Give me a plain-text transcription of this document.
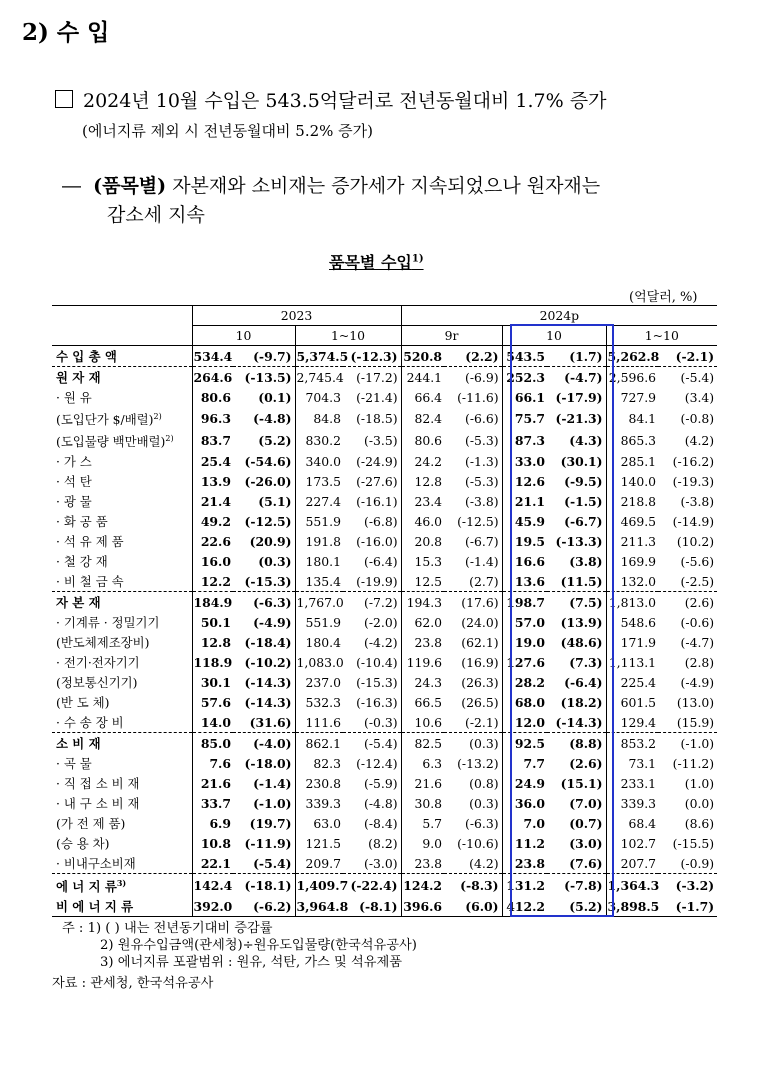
2) 수 입
2024년 10월 수입은 543.5억달러로 전년동월대비 1.7% 증가
(에너지류 제외 시 전년동월대비 5.2% 증가)
― (품목별) 자본재와 소비재는 증가세가 지속되었으나 원자재는
감소세 지속
품목별 수입$^{1)}$
(억달러, %)
	2023				2024p					
	10		1~10		9r		10		1~10	
수 입 총 액	534.4	(-9.7)	5,374.5	(-12.3)	520.8	(2.2)	543.5	(1.7)	5,262.8	(-2.1)
원 자 재	264.6	(-13.5)	2,745.4	(-17.2)	244.1	(-6.9)	252.3	(-4.7)	2,596.6	(-5.4)
· 원 유	80.6	(0.1)	704.3	(-21.4)	66.4	(-11.6)	66.1	(-17.9)	727.9	(3.4)
(도입단가 $/배럴)$^{2)}$	96.3	(-4.8)	84.8	(-18.5)	82.4	(-6.6)	75.7	(-21.3)	84.1	(-0.8)
(도입물량 백만배럴)$^{2)}$	83.7	(5.2)	830.2	(-3.5)	80.6	(-5.3)	87.3	(4.3)	865.3	(4.2)
· 가 스	25.4	(-54.6)	340.0	(-24.9)	24.2	(-1.3)	33.0	(30.1)	285.1	(-16.2)
· 석 탄	13.9	(-26.0)	173.5	(-27.6)	12.8	(-5.3)	12.6	(-9.5)	140.0	(-19.3)
· 광 물	21.4	(5.1)	227.4	(-16.1)	23.4	(-3.8)	21.1	(-1.5)	218.8	(-3.8)
· 화 공 품	49.2	(-12.5)	551.9	(-6.8)	46.0	(-12.5)	45.9	(-6.7)	469.5	(-14.9)
· 석 유 제 품	22.6	(20.9)	191.8	(-16.0)	20.8	(-6.7)	19.5	(-13.3)	211.3	(10.2)
· 철 강 재	16.0	(0.3)	180.1	(-6.4)	15.3	(-1.4)	16.6	(3.8)	169.9	(-5.6)
· 비 철 금 속	12.2	(-15.3)	135.4	(-19.9)	12.5	(2.7)	13.6	(11.5)	132.0	(-2.5)
자 본 재	184.9	(-6.3)	1,767.0	(-7.2)	194.3	(17.6)	198.7	(7.5)	1,813.0	(2.6)
· 기계류 · 정밀기기	50.1	(-4.9)	551.9	(-2.0)	62.0	(24.0)	57.0	(13.9)	548.6	(-0.6)
(반도체제조장비)	12.8	(-18.4)	180.4	(-4.2)	23.8	(62.1)	19.0	(48.6)	171.9	(-4.7)
· 전기·전자기기	118.9	(-10.2)	1,083.0	(-10.4)	119.6	(16.9)	127.6	(7.3)	1,113.1	(2.8)
(정보통신기기)	30.1	(-14.3)	237.0	(-15.3)	24.3	(26.3)	28.2	(-6.4)	225.4	(-4.9)
(반 도 체)	57.6	(-14.3)	532.3	(-16.3)	66.5	(26.5)	68.0	(18.2)	601.5	(13.0)
· 수 송 장 비	14.0	(31.6)	111.6	(-0.3)	10.6	(-2.1)	12.0	(-14.3)	129.4	(15.9)
소 비 재	85.0	(-4.0)	862.1	(-5.4)	82.5	(0.3)	92.5	(8.8)	853.2	(-1.0)
· 곡 물	7.6	(-18.0)	82.3	(-12.4)	6.3	(-13.2)	7.7	(2.6)	73.1	(-11.2)
· 직 접 소 비 재	21.6	(-1.4)	230.8	(-5.9)	21.6	(0.8)	24.9	(15.1)	233.1	(1.0)
· 내 구 소 비 재	33.7	(-1.0)	339.3	(-4.8)	30.8	(0.3)	36.0	(7.0)	339.3	(0.0)
(가 전 제 품)	6.9	(19.7)	63.0	(-8.4)	5.7	(-6.3)	7.0	(0.7)	68.4	(8.6)
(승 용 차)	10.8	(-11.9)	121.5	(8.2)	9.0	(-10.6)	11.2	(3.0)	102.7	(-15.5)
· 비내구소비재	22.1	(-5.4)	209.7	(-3.0)	23.8	(4.2)	23.8	(7.6)	207.7	(-0.9)
에 너 지 류$^{3)}$	142.4	(-18.1)	1,409.7	(-22.4)	124.2	(-8.3)	131.2	(-7.8)	1,364.3	(-3.2)
비 에 너 지 류	392.0	(-6.2)	3,964.8	(-8.1)	396.6	(6.0)	412.2	(5.2)	3,898.5	(-1.7)
주 : 1) ( ) 내는 전년동기대비 증감률
2) 원유수입금액(관세청)÷원유도입물량(한국석유공사)
3) 에너지류 포괄범위 : 원유, 석탄, 가스 및 석유제품
자료 : 관세청, 한국석유공사
